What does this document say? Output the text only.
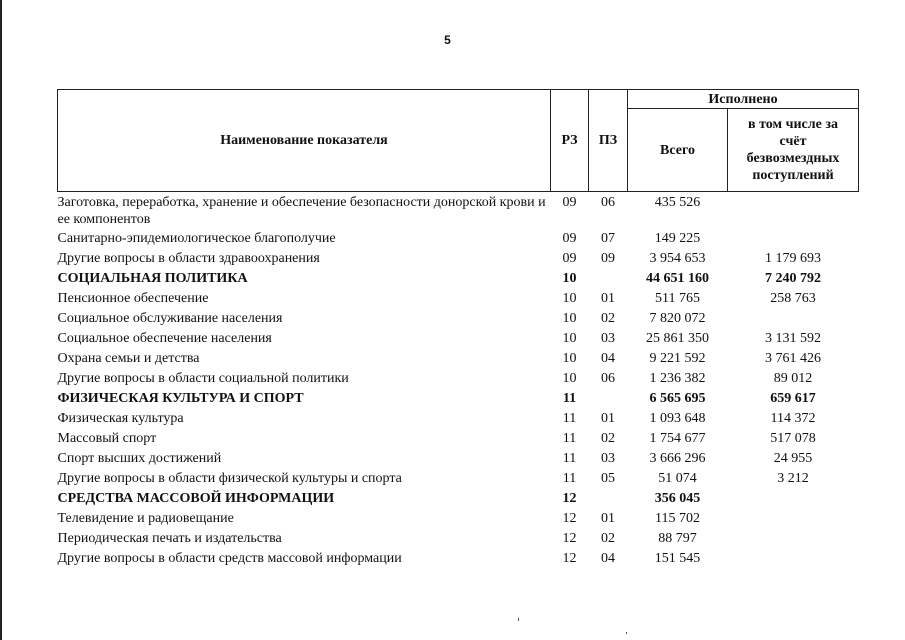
5
Наименование показателя	РЗ	ПЗ	Исполнено	
			Всего	в том числе за счёт безвозмездных поступлений
Заготовка, переработка, хранение и обеспечение безопасности донорской крови и ее компонентов	09	06	435 526	
Санитарно-эпидемиологическое благополучие	09	07	149 225	
Другие вопросы в области здравоохранения	09	09	3 954 653	1 179 693
СОЦИАЛЬНАЯ ПОЛИТИКА	10		44 651 160	7 240 792
Пенсионное обеспечение	10	01	511 765	258 763
Социальное обслуживание населения	10	02	7 820 072	
Социальное обеспечение населения	10	03	25 861 350	3 131 592
Охрана семьи и детства	10	04	9 221 592	3 761 426
Другие вопросы в области социальной политики	10	06	1 236 382	89 012
ФИЗИЧЕСКАЯ КУЛЬТУРА И СПОРТ	11		6 565 695	659 617
Физическая культура	11	01	1 093 648	114 372
Массовый спорт	11	02	1 754 677	517 078
Спорт высших достижений	11	03	3 666 296	24 955
Другие вопросы в области физической культуры и спорта	11	05	51 074	3 212
СРЕДСТВА МАССОВОЙ ИНФОРМАЦИИ	12		356 045	
Телевидение и радиовещание	12	01	115 702	
Периодическая печать и издательства	12	02	88 797	
Другие вопросы в области средств массовой информации	12	04	151 545	
